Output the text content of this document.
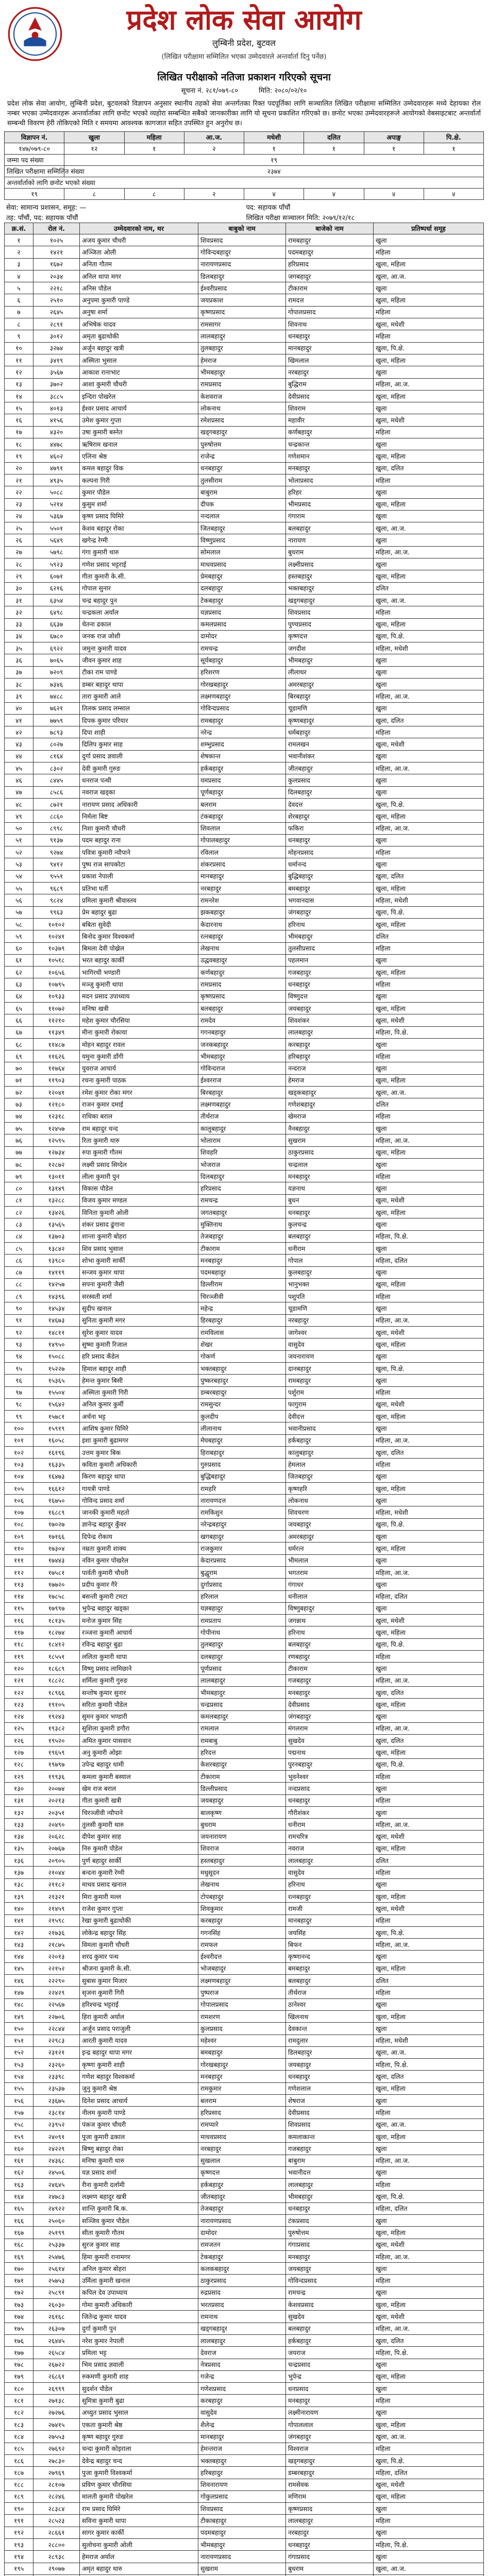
प्रदेश लोक सेवा आयोग
लुम्बिनी प्रदेश, बुटवल
(लिखित परीक्षामा सम्मिलित भएका उम्मेदवारले अन्तर्वार्ता दिनु पर्नेछ)
लिखित परीक्षाको नतिजा प्रकाशन गरिएको सूचना
सूचना नं. २८१/०७९-८०	मिति: २०८०/०२/१०
प्रदेश लोक सेवा आयोग, लुम्बिनी प्रदेश, बुटवलको विज्ञापन अनुसार स्थानीय तहको सेवा अन्तर्गतका रिक्त पदपूर्तिका लागि सञ्चालित लिखित परीक्षामा सम्मिलित उम्मेदवारहरू मध्ये देहायका रोल नम्बर भएका उम्मेदवारहरू अन्तर्वार्ताका लागि छनोट भएको व्यहोरा सम्बन्धित सबैको जानकारीका लागि यो सूचना प्रकाशित गरिएको छ। छनोट भएका उम्मेदवारहरूले आयोगको वेबसाइटबाट अन्तर्वार्ता सम्बन्धी विवरण हेरी तोकिएको मिति र समयमा आवश्यक कागजात सहित उपस्थित हुन अनुरोध छ।
विज्ञापन नं.	खुला	महिला	आ.ज.	मधेशी	दलित	अपाङ्ग	पि.क्षे.
१४७/०७९-८०	१२	१	२	१	१	१	१
जम्मा पद संख्या	१९						
लिखित परीक्षामा सम्मिलित संख्या	२३७४						
अन्तर्वार्ताको लागि छनोट भएको संख्या							
१९	८	८	२	४	४	४	४
सेवा: सामान्य प्रशासन, समूह: —	पद: सहायक पाँचौं
तह: पाँचौं, पद: सहायक पाँचौं	लिखित परीक्षा सञ्चालन मिति: २०७९/१२/१८
क्र.सं.	रोल नं.	उम्मेदवारको नाम, थर	बाबुको नाम	बाजेको नाम	प्रतिष्पर्धा समूह
१	१०२५	अजय कुमार चौधरी	शिवप्रसाद	रामबहादुर	खुला
२	१४२१	अञ्जिता ओली	गोविन्दबहादुर	पदमबहादुर	महिला
३	१६७२	अनिता गौतम	नारायणप्रसाद	हरिप्रसाद	खुला, महिला
४	२०३४	अनिल थापा मगर	डिलबहादुर	जगबहादुर	खुला, आ.ज.
५	२२१८	अनिस पौडेल	ईश्वरीप्रसाद	टीकाराम	खुला
६	२५१०	अनुपमा कुमारी पाण्डे	जयप्रकाश	रामदत्त	खुला, महिला
७	२६४५	अनुषा शर्मा	कृष्णप्रसाद	गोपालप्रसाद	महिला
८	२८९१	अभिषेक यादव	रामसागर	शिवनाथ	खुला, मधेशी
९	३०१२	अमृता बुढाथोकी	लालबहादुर	धनबहादुर	महिला
१०	३२७४	अर्जुन बहादुर खत्री	तुलबहादुर	मानबहादुर	खुला, पि.क्षे.
११	३४१९	अस्मिता भुसाल	हेमराज	खिमलाल	खुला, महिला
१२	३५६७	आकाश रानाभाट	भीमबहादुर	नरबहादुर	खुला
१३	३७०२	आशा कुमारी चौधरी	रामप्रसाद	बुद्धिराम	महिला, आ.ज.
१४	३८८५	इन्दिरा पोखरेल	केशवराज	देवीप्रसाद	खुला, महिला
१५	४०१३	ईश्वर प्रसाद आचार्य	लोकनाथ	शिवराम	खुला
१६	४१५६	उमेश कुमार गुप्ता	रमेशप्रसाद	महावीर	खुला, मधेशी
१७	४३२०	उषा कुमारी बस्नेत	खड्गबहादुर	कर्णबहादुर	महिला
१८	४४७८	ऋषिराम खनाल	पुरुषोत्तम	चन्द्रकान्त	खुला
१९	४६०२	एलिना श्रेष्ठ	राजेन्द्र	गणेशमान	खुला, महिला
२०	४७९१	कमल बहादुर विक	धनबहादुर	मनबहादुर	खुला, दलित
२१	४९३५	कल्पना गिरी	तुलसीराम	भोलाप्रसाद	महिला
२२	५०८८	कुमार पौडेल	बाबुराम	हरिहर	खुला
२३	५२१४	कुसुम शर्मा	दीपक	भीमप्रसाद	खुला, महिला
२४	५३६७	कृष्ण प्रसाद घिमिरे	नन्दलाल	गंगाराम	खुला
२५	५५०१	केशव बहादुर रोका	जितबहादुर	बलबहादुर	खुला, आ.ज.
२६	५६४९	खगेन्द्र रेग्मी	विष्णुप्रसाद	नारायण	खुला
२७	५७९८	गंगा कुमारी थारु	सोमलाल	बुधराम	महिला, आ.ज.
२८	५९२३	गणेश प्रसाद भट्टराई	माधवप्रसाद	लक्ष्मीप्रसाद	खुला
२९	६०७१	गीता कुमारी के.सी.	प्रेमबहादुर	हस्तबहादुर	खुला, महिला
३०	६२१६	गोपाल सुनार	दलबहादुर	भक्तबहादुर	दलित
३१	६३५४	चन्द्र बहादुर पुन	टेकबहादुर	खड्गबहादुर	खुला, आ.ज.
३२	६४९८	चन्द्रकला अर्याल	यज्ञप्रसाद	शिवप्रसाद	महिला
३३	६६३७	चेतना ढकाल	कमलप्रसाद	पुण्यप्रसाद	खुला, महिला
३४	६७८०	जनक राज जोशी	दामोदर	कृष्णदत्त	खुला, पि.क्षे.
३५	६९२२	जमुना कुमारी यादव	रामचन्द्र	जगदीश	महिला, मधेशी
३६	७०६५	जीवन कुमार शाह	सूर्यबहादुर	भीमबहादुर	खुला
३७	७२०९	टीका राम पाण्डे	हरिशरण	लीलाधर	खुला
३८	७३४६	डम्बर बहादुर थापा	गोरखबहादुर	अमरबहादुर	खुला
३९	७४८८	तारा कुमारी आले	लक्ष्मणबहादुर	बिरबहादुर	महिला, आ.ज.
४०	७६२१	तिलक प्रसाद लम्साल	गोविन्दप्रसाद	चूडामणि	खुला
४१	७७५९	दिपक कुमार परियार	रामबहादुर	कृष्णबहादुर	खुला, दलित
४२	७८९३	दिपा शाही	नरेन्द्र	धर्मबहादुर	महिला
४३	८०२७	दिलिप कुमार साह	शम्भुप्रसाद	रामलखन	खुला, मधेशी
४४	८१६४	दुर्गा प्रसाद ज्ञवाली	शेषकान्त	भवानीशंकर	खुला
४५	८३०२	देवी कुमारी गुरुङ	हर्कबहादुर	जीतबहादुर	महिला, आ.ज.
४६	८४४५	धनराज पन्थी	यमप्रसाद	कुलप्रसाद	खुला
४७	८५८६	नवराज खड्का	पूर्णबहादुर	दिलबहादुर	खुला
४८	८७२१	नारायण प्रसाद अधिकारी	बलराम	देवदत्त	खुला, पि.क्षे.
४९	८८६०	निर्मला बिष्ट	टंकबहादुर	शेरबहादुर	खुला, महिला
५०	८९९८	निशा कुमारी चौधरी	शिवलाल	फकिरा	महिला, आ.ज.
५१	९१३७	पदम बहादुर राना	गोपालबहादुर	धनबहादुर	खुला
५२	९२७४	पवित्रा कुमारी न्यौपाने	रविलाल	मोहनप्रसाद	महिला
५३	९४१२	पुष्प राज सापकोटा	शंकरप्रसाद	धर्मानन्द	खुला
५४	९५५१	प्रकाश नेपाली	मानबहादुर	बुद्धिबहादुर	खुला, दलित
५५	९६८९	प्रतिभा घर्ती	नरबहादुर	बमबहादुर	खुला, महिला
५६	९८२४	प्रमिला कुमारी श्रीवास्तव	रामनरेश	भगवानदास	महिला, मधेशी
५७	९९६३	प्रेम बहादुर बुढा	झकबहादुर	जंगबहादुर	खुला, पि.क्षे.
५८	१०१०२	बबिता सुवेदी	केदारनाथ	हरिनाथ	खुला, महिला
५९	१०२४१	बिनोद कुमार विश्वकर्मा	रत्नबहादुर	भीमबहादुर	दलित
६०	१०३७९	बिमला देवी पोख्रेल	लेखनाथ	तुलसीप्रसाद	महिला
६१	१०५१८	भरत बहादुर कार्की	उद्धवबहादुर	पहलमान	खुला
६२	१०६५६	भागिरथी भण्डारी	कर्णबहादुर	गजबहादुर	खुला, महिला
६३	१०७९५	मञ्जु कुमारी थापा	रामप्रसाद	धनबहादुर	महिला
६४	१०९३३	मदन प्रसाद उपाध्याय	कृष्णप्रसाद	विष्णुदत्त	खुला
६५	११०७२	मनिषा खत्री	बलबहादुर	जयबहादुर	खुला, महिला
६६	११२१०	महेश कुमार चौरसिया	रामदेव	शिवशंकर	खुला, मधेशी
६७	११३४९	मीना कुमारी रोकाया	गगनबहादुर	लालबहादुर	महिला, पि.क्षे.
६८	११४८७	मोहन बहादुर रावल	जनकबहादुर	करबहादुर	खुला
६९	११६२६	यमुना कुमारी डाँगी	भीमबहादुर	हरिबहादुर	महिला
७०	११७६४	युवराज आचार्य	गोविन्दराज	नन्दराज	खुला
७१	११९०३	रचना कुमारी पाठक	ईश्वरराज	हेमराज	खुला, महिला
७२	१२०४१	रमेश कुमार रोका मगर	बिरबहादुर	खड्कबहादुर	खुला, आ.ज.
७३	१२१८०	राजन कुमार दमाई	लक्ष्मणबहादुर	गणेशबहादुर	दलित
७४	१२३१८	राधिका बराल	तीर्थराज	खेमराज	महिला
७५	१२४५७	राम बहादुर चन्द	कालुबहादुर	नैनबहादुर	खुला
७६	१२५९५	रिता कुमारी थारु	भोलाराम	सुखराम	महिला, आ.ज.
७७	१२७३४	रुपा कुमारी गौतम	शिवहरि	ठाकुरप्रसाद	खुला, महिला
७८	१२८७२	लक्ष्मी प्रसाद सिग्देल	भोजराज	चन्द्रलाल	खुला
७९	१३०११	लीला कुमारी पुन	दिलबहादुर	मनबहादुर	महिला
८०	१३१४९	विकास पौडेल	हरिप्रसाद	यज्ञनाथ	खुला
८१	१३२८८	विजय कुमार मण्डल	रामचन्द्र	बुधन	खुला, मधेशी
८२	१३४२६	विनिता कुमारी ओली	जगतबहादुर	धनबहादुर	खुला, महिला
८३	१३५६५	शंकर प्रसाद ढुंगाना	मुक्तिनाथ	कुलचन्द्र	खुला
८४	१३७०३	शान्ता कुमारी बोहरा	तेजबहादुर	बलबहादुर	महिला, पि.क्षे.
८५	१३८४२	शिव प्रसाद भुसाल	टीकाराम	धनीराम	खुला
८६	१३९८०	शोभा कुमारी सार्की	मनबहादुर	गोपाल	महिला, दलित
८७	१४११९	सन्जय कुमार थापा	पदमबहादुर	कुलबहादुर	खुला
८८	१४२५७	सपना कुमारी जैसी	डिल्लीराम	भानुभक्त	खुला, महिला
८९	१४३९६	सरस्वती शर्मा	चिरञ्जीवी	पशुपति	महिला
९०	१४५३४	सुदीप खनाल	महेन्द्र	चूडामणि	खुला
९१	१४६७३	सुनिता कुमारी मगर	हिरबहादुर	नरबहादुर	महिला, आ.ज.
९२	१४८११	सुरेश कुमार यादव	रामविलास	जागेश्वर	खुला, मधेशी
९३	१४९५०	सुष्मा कुमारी रिजाल	शेखर	वासुदेव	खुला, महिला
९४	१५०८८	हरि प्रसाद कँडेल	गोकर्ण	जयनारायण	खुला
९५	१५२२७	हिमाल बहादुर शाही	भक्तबहादुर	दानबहादुर	खुला, पि.क्षे.
९६	१५३६५	हेमन्त कुमार बिसी	पुष्करबहादुर	रामबहादुर	खुला
९७	१५५०४	अस्मिता कुमारी गिरी	डम्बरबहादुर	पर्शुराम	महिला
९८	१५६४२	अनिल कुमार कुर्मी	रामसुन्दर	फागुराम	खुला, मधेशी
९९	१५७८१	अर्चना भट्ट	कुलदीप	देवीदत्त	खुला, महिला
१००	१५९१९	आशिष कुमार घिमिरे	लीलानाथ	भवानीप्रसाद	खुला
१०१	१६०५८	इशा कुमारी बुढामगर	मेघबहादुर	हर्कबहादुर	महिला, आ.ज.
१०२	१६१९६	उत्तम कुमार बिक	हिराबहादुर	कालुबहादुर	खुला, दलित
१०३	१६३३५	कविता कुमारी अधिकारी	गुरुप्रसाद	हेमलाल	महिला
१०४	१६४७३	किरण बहादुर थापा	बुद्धिबहादुर	जितबहादुर	खुला
१०५	१६६१२	गायत्री पाण्डे	रामहरि	कृष्णहरि	खुला, महिला
१०६	१६७५०	गोविन्द प्रसाद शर्मा	नारायणदत्त	लोकनाथ	खुला
१०७	१६८८९	जानकी कुमारी महतो	रामकिशुन	शिवचरण	महिला, मधेशी
१०८	१७०२७	ज्ञानेन्द्र बहादुर कुँवर	नरेन्द्रबहादुर	जयबहादुर	खुला, पि.क्षे.
१०९	१७१६६	दिपेन्द्र रोकाय	खगबहादुर	अमरबहादुर	खुला
११०	१७३०४	नम्रता कुमारी शाक्य	राजकुमार	धर्मरत्न	खुला, महिला
१११	१७४४३	नविन कुमार पोखरेल	केदारप्रसाद	भीमलाल	खुला
११२	१७५८१	पार्वती कुमारी चौधरी	बुद्धुराम	भगतराम	महिला, आ.ज.
११३	१७७२०	प्रदीप कुमार गैरे	दुर्गाप्रसाद	गंगाधर	खुला
११४	१७८५८	बसन्ती कुमारी टमटा	हरिलाल	धनीलाल	महिला, दलित
११५	१७९९७	भुपेन्द्र बहादुर खड्का	यज्ञबहादुर	विष्णुबहादुर	खुला
११६	१८१३५	मनोज कुमार सिंह	रामप्रताप	जगन्नाथ	खुला, मधेशी
११७	१८२७४	रञ्जना कुमारी आचार्य	गोपीनाथ	हरिनाथ	खुला, महिला
११८	१८४१२	रविन्द्र बहादुर बुढा	तुलबहादुर	बलबहादुर	खुला, पि.क्षे.
११९	१८५५१	ललिता कुमारी थापा	दलबहादुर	रणबहादुर	महिला
१२०	१८६८९	विष्णु प्रसाद लामिछाने	पूर्णप्रसाद	टीकाराम	खुला
१२१	१८८२८	शर्मिला कुमारी गुरुङ	लालबहादुर	गजबहादुर	महिला, आ.ज.
१२२	१८९६६	सन्तोष कुमार सुनार	भीमबहादुर	मनबहादुर	खुला, दलित
१२३	१९१०५	सरिता कुमारी पौडेल	चन्द्रप्रसाद	देवीप्रसाद	खुला, महिला
१२४	१९२४३	सुमन कुमार भण्डारी	कमलबहादुर	जंगबहादुर	खुला
१२५	१९३८२	सुशिला कुमारी डगौरा	रामलाल	मंगलराम	महिला, आ.ज.
१२६	१९५२०	अमित कुमार पासवान	रामबाबु	सुखदेव	खुला, दलित
१२७	१९६५९	अनु कुमारी ओझा	हरिदत्त	पद्मनाथ	खुला, महिला
१२८	१९७९७	उपेन्द्र बहादुर धामी	केशरबहादुर	पुरनबहादुर	खुला, पि.क्षे.
१२९	१९९३६	कमला कुमारी बस्याल	टीकाराम	भुवनेश्वर	महिला
१३०	२००७४	खेम राज बराल	डिल्लीप्रसाद	नन्दप्रसाद	खुला
१३१	२०२१३	गीता कुमारी खत्री	जयबहादुर	धनबहादुर	महिला
१३२	२०३५१	चिरञ्जीवी न्यौपाने	बालकृष्ण	गौरीशंकर	खुला
१३३	२०४९०	तुलसी कुमारी थारु	बुधराम	धनीराम	महिला, आ.ज.
१३४	२०६२८	दीपेश कुमार साह	जयनारायण	रामचरित्र	खुला, मधेशी
१३५	२०७६७	निरु कुमारी पौडेल	शिवराज	नवराज	खुला, महिला
१३६	२०९०५	पुर्ण बहादुर सार्की	हस्तबहादुर	लालबहादुर	दलित
१३७	२१०४४	बन्दना कुमारी रेग्मी	मधुसूदन	वासुदेव	महिला
१३८	२११८२	माधव प्रसाद खनाल	लेखनाथ	हरिनाथ	खुला
१३९	२१३२१	मिरा कुमारी मल्ल	टोपबहादुर	रत्नबहादुर	खुला, महिला
१४०	२१४५९	राजेश कुमार गुप्ता	शिवकुमार	रामजी	खुला, मधेशी
१४१	२१५९८	रेखा कुमारी बुढाथोकी	करबहादुर	मानबहादुर	महिला
१४२	२१७३६	लोकेन्द्र बहादुर सिंह	गगनसिंह	जयसिंह	खुला, पि.क्षे.
१४३	२१८७५	विमला कुमारी चौधरी	रामफल	बिफन	महिला, आ.ज.
१४४	२२०१३	शरद कुमार पन्थ	ईश्वरीदत्त	कृष्णानन्द	खुला
१४५	२२१५२	श्रीजना कुमारी के.सी.	भोजबहादुर	बमबहादुर	खुला, महिला
१४६	२२२९०	सुबास कुमार मिजार	लक्ष्मणबहादुर	बलबहादुर	दलित
१४७	२२४२९	सृजना कुमारी गिरी	पुष्पराज	तीर्थराज	महिला
१४८	२२५६७	हरिश्चन्द्र भट्टराई	गोपालप्रसाद	ठानेश्वर	खुला
१४९	२२७०६	हिरा कुमारी अर्याल	रामशरण	खिलनाथ	खुला, महिला
१५०	२२८४४	अर्जुन प्रसाद पराजुली	कुलप्रसाद	देवकान्त	खुला
१५१	२२९८३	आरती कुमारी यादव	महेश्वर	रामदुलार	महिला, मधेशी
१५२	२३१२१	इन्द्र बहादुर थापा मगर	बमबहादुर	डिलबहादुर	खुला, आ.ज.
१५३	२३२६०	कृष्णा कुमारी शाही	गोरखबहादुर	जयबहादुर	महिला, पि.क्षे.
१५४	२३३९८	गणेश बहादुर विश्वकर्मा	मनबहादुर	धनबहादुर	खुला, दलित
१५५	२३५३७	जुनु कुमारी श्रेष्ठ	रामकुमार	गणेशलाल	खुला, महिला
१५६	२३६७५	दिनेश प्रसाद आचार्य	बलराम	शेषराज	खुला
१५७	२३८१४	नीलम कुमारी पाण्डे	हरिप्रसाद	देवीप्रसाद	महिला
१५८	२३९५२	पंकज कुमार चौधरी	रामप्यारे	शिवप्रसाद	खुला, आ.ज.
१५९	२४०९१	पूजा कुमारी ढकाल	माधवप्रसाद	कमलाकान्त	खुला, महिला
१६०	२४२२९	बिष्णु बहादुर रोका	नरबहादुर	गजबहादुर	खुला
१६१	२४३६८	मनिषा कुमारी थारु	सुखलाल	बाबुराम	महिला, आ.ज.
१६२	२४५०६	यज्ञ प्रसाद शर्मा	कृष्णदत्त	भवानीदत्त	खुला
१६३	२४६४५	रीना कुमारी दर्लामी	हर्कबहादुर	लालबहादुर	महिला
१६४	२४७८३	लक्ष्मण बहादुर खत्री	जीतबहादुर	भीमबहादुर	खुला, पि.क्षे.
१६५	२४९२२	शान्ति कुमारी बि.क.	तेजबहादुर	धनबहादुर	महिला, दलित
१६६	२५०६०	सञ्जिव कुमार पौडेल	नारायणप्रसाद	टंकप्रसाद	खुला
१६७	२५१९९	सीता कुमारी गौतम	दामोदर	पुरुषोत्तम	खुला, महिला
१६८	२५३३७	सुरज कुमार साह	रामजतन	गंगाप्रसाद	खुला, मधेशी
१६९	२५४७६	हिमा कुमारी रानामगर	टेकबहादुर	मनबहादुर	महिला, आ.ज.
१७०	२५६१४	अनिल कुमार बोहरा	कलकबहादुर	जयबहादुर	खुला
१७१	२५७५३	उर्मिला कुमारी खनाल	ठाकुरप्रसाद	गोविन्दप्रसाद	महिला
१७२	२५८९१	कपिल देव उपाध्याय	रुद्रप्रसाद	रामचन्द्र	खुला
१७३	२६०३०	गोमा कुमारी अधिकारी	भरतप्रसाद	केशवप्रसाद	खुला, महिला
१७४	२६१६८	जितेन्द्र कुमार यादव	रामनाथ	सुखदेव	खुला, मधेशी
१७५	२६३०७	दुर्गा कुमारी पुन	खड्गबहादुर	बलबहादुर	महिला, आ.ज.
१७६	२६४४५	नरेश कुमार नेपाली	लालबहादुर	हर्कबहादुर	खुला, दलित
१७७	२६५८४	प्रमिला भट्ट	देवराज	जयराज	महिला, पि.क्षे.
१७८	२६७२२	भिम प्रसाद ज्ञवाली	नेत्रप्रसाद	चन्द्रप्रसाद	खुला
१७९	२६८६१	रुकमणी कुमारी शाह	गजेन्द्र	भुपेन्द्र	खुला, महिला
१८०	२६९९९	सुदर्शन पौडेल	गणेशप्रसाद	धनप्रसाद	खुला
१८१	२७१३८	सुमित्रा कुमारी बुढा	करबहादुर	मनबहादुर	महिला
१८२	२७२७६	अच्युत प्रसाद भुसाल	वासुदेव	लक्ष्मीनारायण	खुला
१८३	२७४१५	एकता कुमारी श्रेष्ठ	शैलेन्द्र	गोपाललाल	खुला, महिला
१८४	२७५५३	कृष्ण बहादुर गुरुङ	मानबहादुर	जंगबहादुर	खुला, आ.ज.
१८५	२७६९२	चन्दा कुमारी कोइराला	हेमन्तराज	विश्वराज	महिला
१८६	२७८३०	देवेन्द्र बहादुर चन्द	भक्तबहादुर	खड्गबहादुर	खुला, पि.क्षे.
१८७	२७९६९	पुजा कुमारी विश्वकर्मा	हरिबहादुर	डम्बरबहादुर	महिला, दलित
१८८	२८१०७	प्रविण कुमार चौरसिया	शिवनारायण	रामसेवक	खुला, मधेशी
१८९	२८२४६	मालती कुमारी पोखरेल	गोकुलप्रसाद	मणिराम	खुला, महिला
१९०	२८३८४	राम प्रसाद घिमिरे	शिवप्रसाद	कृष्णप्रसाद	खुला
१९१	२८५२३	सविना कुमारी थापा	टीकाबहादुर	लालबहादुर	महिला
१९२	२८६६१	सागर कुमार कार्की	पदमबहादुर	नरबहादुर	खुला
१९३	२८८००	सुलोचना कुमारी ओली	भीमबहादुर	धनबहादुर	महिला, पि.क्षे.
१९४	२८९३८	हेमराज अर्याल	नारायणप्रसाद	गंगाप्रसाद	खुला
१९५	२९०७७	अमृत बहादुर थारु	सुखराम	बुधराम	खुला, आ.ज.
